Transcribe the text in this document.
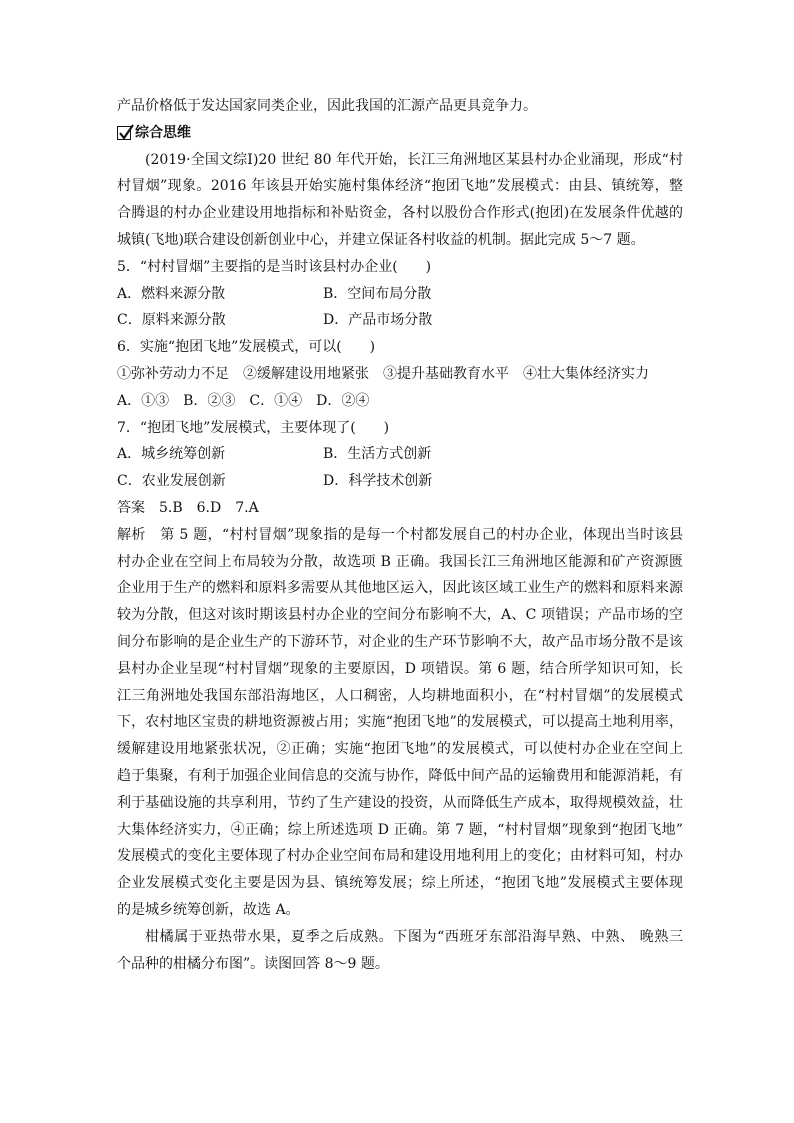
产品价格低于发达国家同类企业，因此我国的汇源产品更具竞争力。
综合思维
(2019·全国文综Ⅰ)20 世纪 80 年代开始，长江三角洲地区某县村办企业涌现，形成“村
村冒烟”现象。2016 年该县开始实施村集体经济“抱团飞地”发展模式：由县、镇统筹，整
合腾退的村办企业建设用地指标和补贴资金，各村以股份合作形式(抱团)在发展条件优越的
城镇(飞地)联合建设创新创业中心，并建立保证各村收益的机制。据此完成 5～7 题。
5．“村村冒烟”主要指的是当时该县村办企业(　　)
A．燃料来源分散	B．空间布局分散
C．原料来源分散	D．产品市场分散
6．实施“抱团飞地”发展模式，可以(　　)
①弥补劳动力不足　 ②缓解建设用地紧张　 ③提升基础教育水平　 ④壮大集体经济实力
A．①③ B．②③ C．①④ D．②④
7．“抱团飞地”发展模式，主要体现了(　　)
A．城乡统筹创新	B．生活方式创新
C．农业发展创新	D．科学技术创新
答案　5.B　6.D　7.A
解析　第 5 题，“村村冒烟”现象指的是每一个村都发展自己的村办企业，体现出当时该县
村办企业在空间上布局较为分散，故选项 B 正确。我国长江三角洲地区能源和矿产资源匮
企业用于生产的燃料和原料多需要从其他地区运入，因此该区域工业生产的燃料和原料来源
较为分散，但这对该时期该县村办企业的空间分布影响不大，A、C 项错误；产品市场的空
间分布影响的是企业生产的下游环节，对企业的生产环节影响不大，故产品市场分散不是该
县村办企业呈现“村村冒烟”现象的主要原因，D 项错误。第 6 题，结合所学知识可知，长
江三角洲地处我国东部沿海地区，人口稠密，人均耕地面积小，在“村村冒烟”的发展模式
下，农村地区宝贵的耕地资源被占用；实施“抱团飞地”的发展模式，可以提高土地利用率，
缓解建设用地紧张状况，②正确；实施“抱团飞地”的发展模式，可以使村办企业在空间上
趋于集聚，有利于加强企业间信息的交流与协作，降低中间产品的运输费用和能源消耗，有
利于基础设施的共享利用，节约了生产建设的投资，从而降低生产成本，取得规模效益，壮
大集体经济实力，④正确；综上所述选项 D 正确。第 7 题，“村村冒烟”现象到“抱团飞地”
发展模式的变化主要体现了村办企业空间布局和建设用地利用上的变化；由材料可知，村办
企业发展模式变化主要是因为县、镇统筹发展；综上所述，“抱团飞地”发展模式主要体现
的是城乡统筹创新，故选 A。
柑橘属于亚热带水果，夏季之后成熟。下图为“西班牙东部沿海早熟、中熟、 晚熟三
个品种的柑橘分布图”。读图回答 8～9 题。
